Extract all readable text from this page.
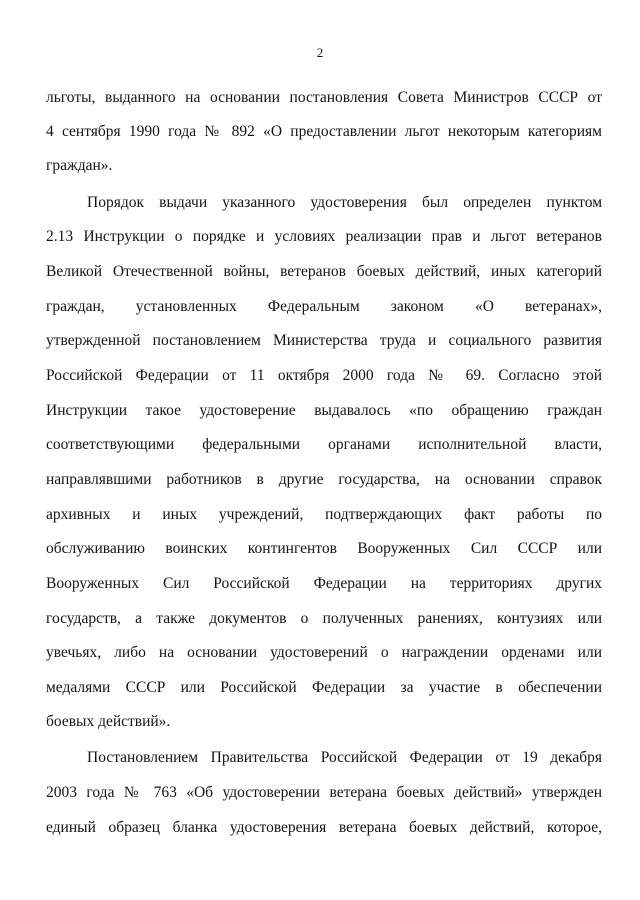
2
льготы, выданного на основании постановления Совета Министров СССР от
4 сентября 1990 года № 892 «О предоставлении льгот некоторым категориям
граждан».
Порядок выдачи указанного удостоверения был определен пунктом
2.13 Инструкции о порядке и условиях реализации прав и льгот ветеранов
Великой Отечественной войны, ветеранов боевых действий, иных категорий
граждан, установленных Федеральным законом «О ветеранах»,
утвержденной постановлением Министерства труда и социального развития
Российской Федерации от 11 октября 2000 года № 69. Согласно этой
Инструкции такое удостоверение выдавалось «по обращению граждан
соответствующими федеральными органами исполнительной власти,
направлявшими работников в другие государства, на основании справок
архивных и иных учреждений, подтверждающих факт работы по
обслуживанию воинских контингентов Вооруженных Сил СССР или
Вооруженных Сил Российской Федерации на территориях других
государств, а также документов о полученных ранениях, контузиях или
увечьях, либо на основании удостоверений о награждении орденами или
медалями СССР или Российской Федерации за участие в обеспечении
боевых действий».
Постановлением Правительства Российской Федерации от 19 декабря
2003 года № 763 «Об удостоверении ветерана боевых действий» утвержден
единый образец бланка удостоверения ветерана боевых действий, которое,
